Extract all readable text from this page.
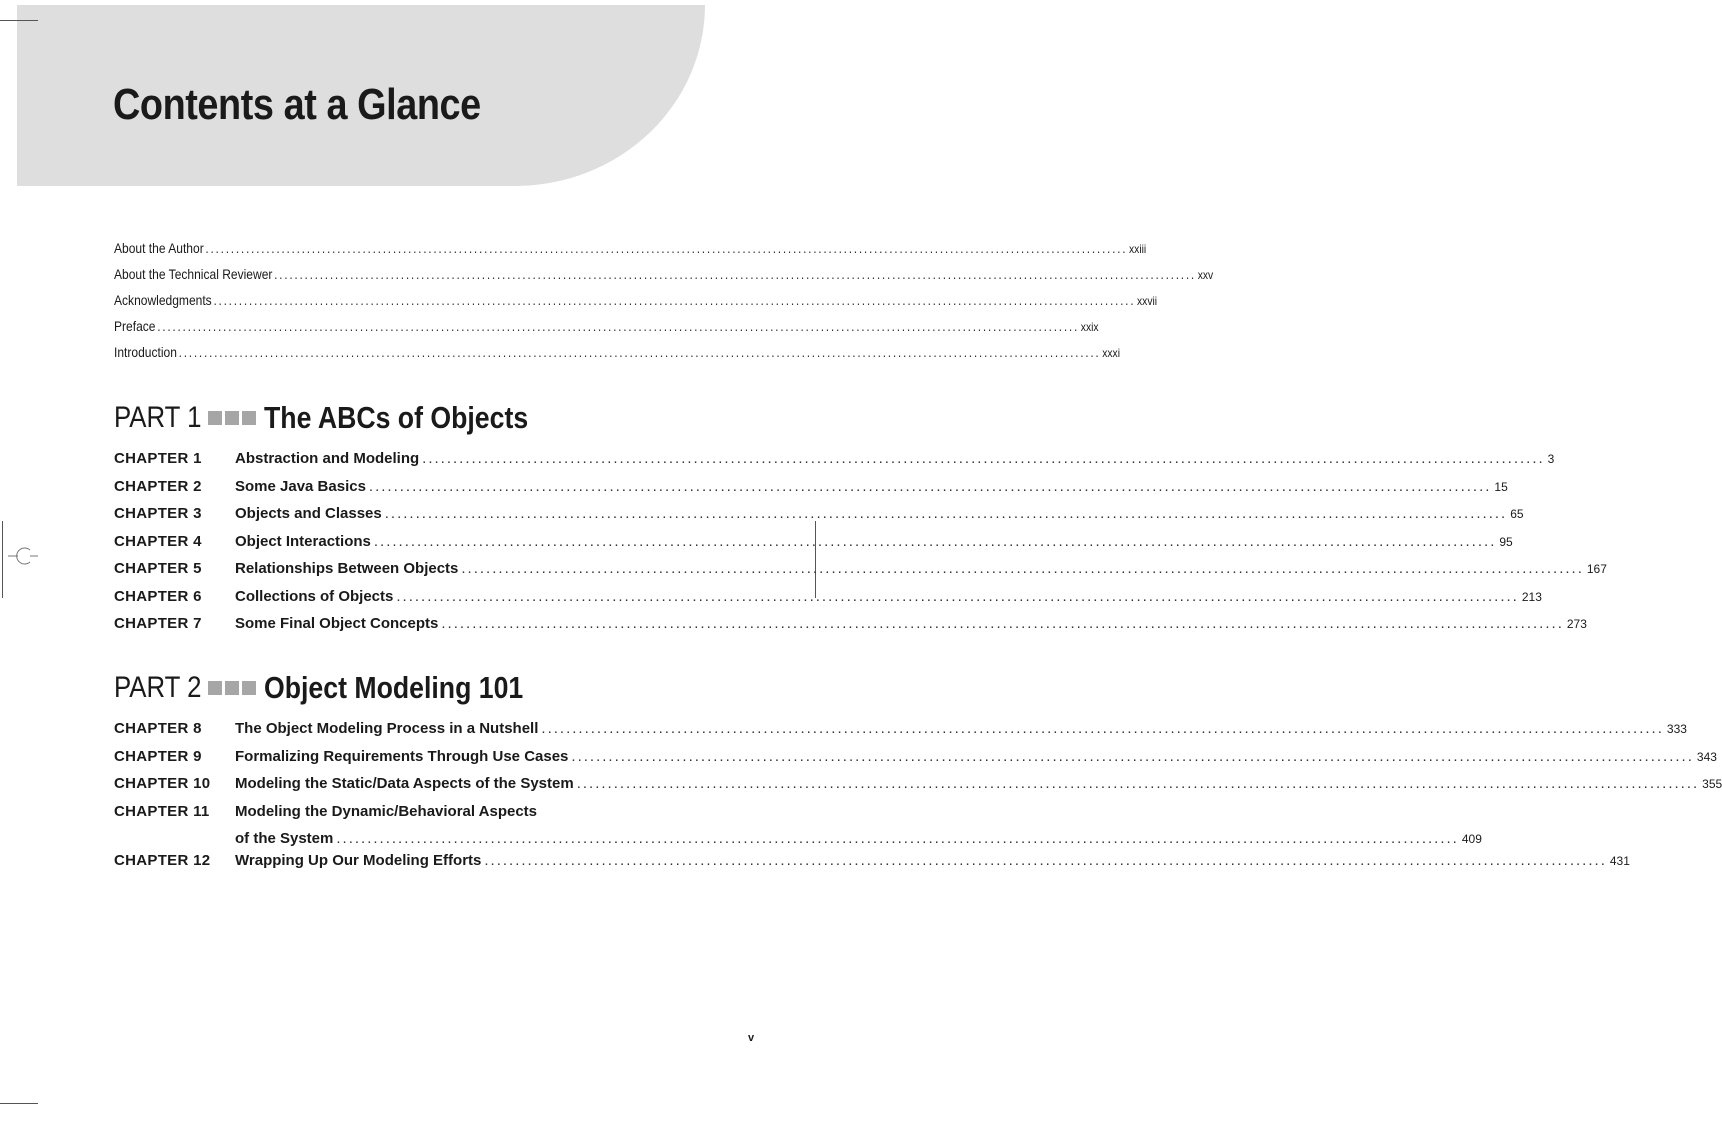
Contents at a Glance
About the Author .....	xxiii
About the Technical Reviewer .....	xxv
Acknowledgments .....	xxvii
Preface .....	xxix
Introduction .....	xxxi
PART 1 The ABCs of Objects
CHAPTER 1	Abstraction and Modeling .....	3
CHAPTER 2	Some Java Basics .....	15
CHAPTER 3	Objects and Classes .....	65
CHAPTER 4	Object Interactions .....	95
CHAPTER 5	Relationships Between Objects .....	167
CHAPTER 6	Collections of Objects .....	213
CHAPTER 7	Some Final Object Concepts .....	273
PART 2 Object Modeling 101
CHAPTER 8	The Object Modeling Process in a Nutshell .....	333
CHAPTER 9	Formalizing Requirements Through Use Cases .....	343
CHAPTER 10	Modeling the Static/Data Aspects of the System .....	355
CHAPTER 11	Modeling the Dynamic/Behavioral Aspects
of the System .....	409
CHAPTER 12	Wrapping Up Our Modeling Efforts .....	431
v
